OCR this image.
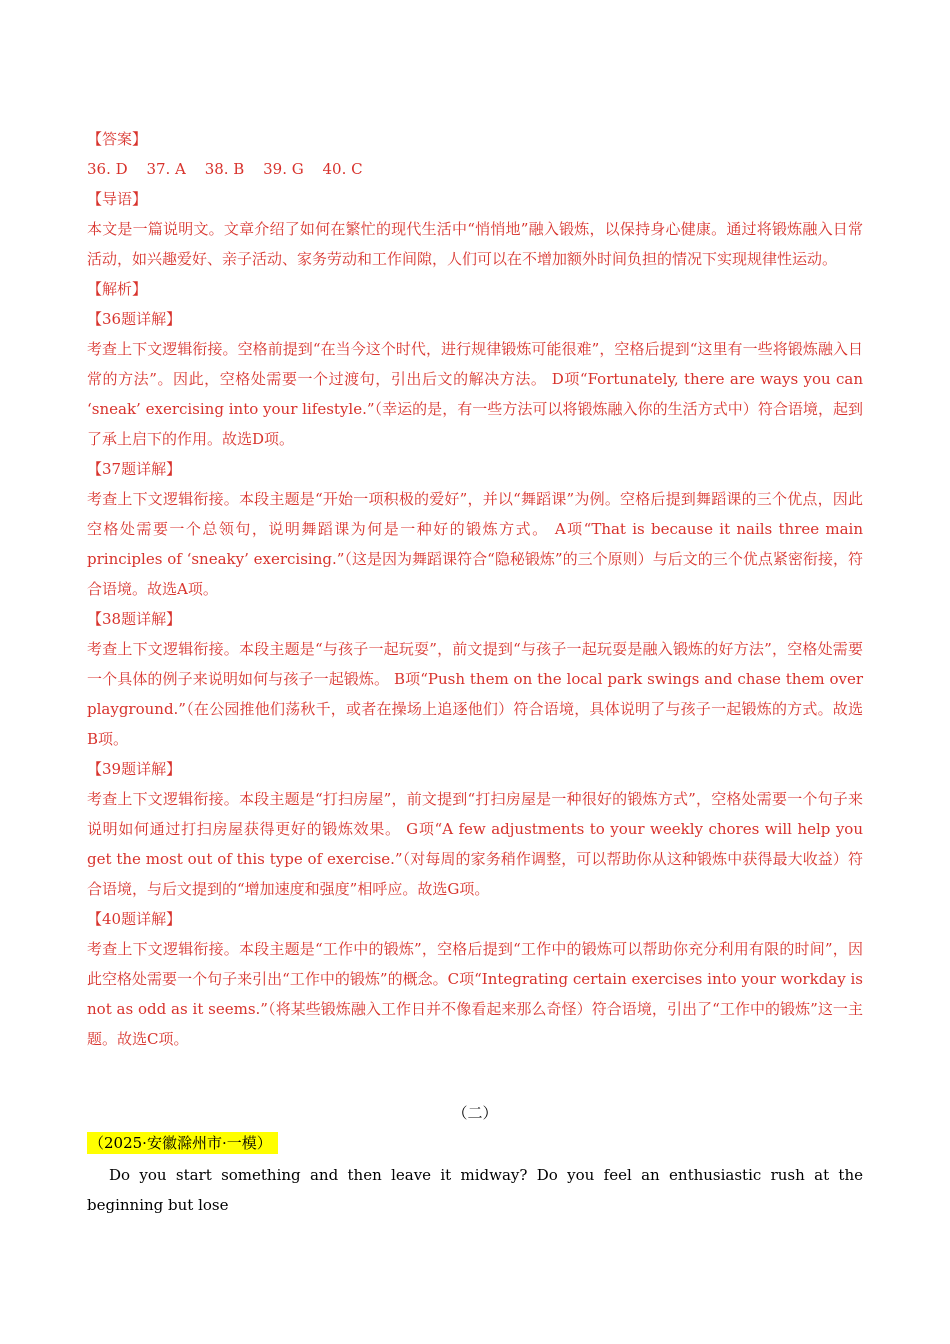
【答案】
36. D 37. A 38. B 39. G 40. C
【导语】
本文是一篇说明文。文章介绍了如何在繁忙的现代生活中“悄悄地”融入锻炼，以保持身心健康。通过将锻炼融入日常活动，如兴趣爱好、亲子活动、家务劳动和工作间隙，人们可以在不增加额外时间负担的情况下实现规律性运动。
【解析】
【36题详解】
考查上下文逻辑衔接。空格前提到“在当今这个时代，进行规律锻炼可能很难”，空格后提到“这里有一些将锻炼融入日常的方法”。因此，空格处需要一个过渡句，引出后文的解决方法。 D项“Fortunately, there are ways you can ‘sneak’ exercising into your lifestyle.”（幸运的是，有一些方法可以将锻炼融入你的生活方式中）符合语境，起到了承上启下的作用。故选D项。
【37题详解】
考查上下文逻辑衔接。本段主题是“开始一项积极的爱好”，并以“舞蹈课”为例。空格后提到舞蹈课的三个优点，因此空格处需要一个总领句，说明舞蹈课为何是一种好的锻炼方式。 A项“That is because it nails three main principles of ‘sneaky’ exercising.”（这是因为舞蹈课符合“隐秘锻炼”的三个原则）与后文的三个优点紧密衔接，符合语境。故选A项。
【38题详解】
考查上下文逻辑衔接。本段主题是“与孩子一起玩耍”，前文提到“与孩子一起玩耍是融入锻炼的好方法”，空格处需要一个具体的例子来说明如何与孩子一起锻炼。 B项“Push them on the local park swings and chase them over playground.”（在公园推他们荡秋千，或者在操场上追逐他们）符合语境，具体说明了与孩子一起锻炼的方式。故选B项。
【39题详解】
考查上下文逻辑衔接。本段主题是“打扫房屋”，前文提到“打扫房屋是一种很好的锻炼方式”，空格处需要一个句子来说明如何通过打扫房屋获得更好的锻炼效果。 G项“A few adjustments to your weekly chores will help you get the most out of this type of exercise.”（对每周的家务稍作调整，可以帮助你从这种锻炼中获得最大收益）符合语境，与后文提到的“增加速度和强度”相呼应。故选G项。
【40题详解】
考查上下文逻辑衔接。本段主题是“工作中的锻炼”，空格后提到“工作中的锻炼可以帮助你充分利用有限的时间”，因此空格处需要一个句子来引出“工作中的锻炼”的概念。C项“Integrating certain exercises into your workday is not as odd as it seems.”（将某些锻炼融入工作日并不像看起来那么奇怪）符合语境，引出了“工作中的锻炼”这一主题。故选C项。
（二）
（2025·安徽滁州市·一模）
Do you start something and then leave it midway? Do you feel an enthusiastic rush at the beginning but lose
